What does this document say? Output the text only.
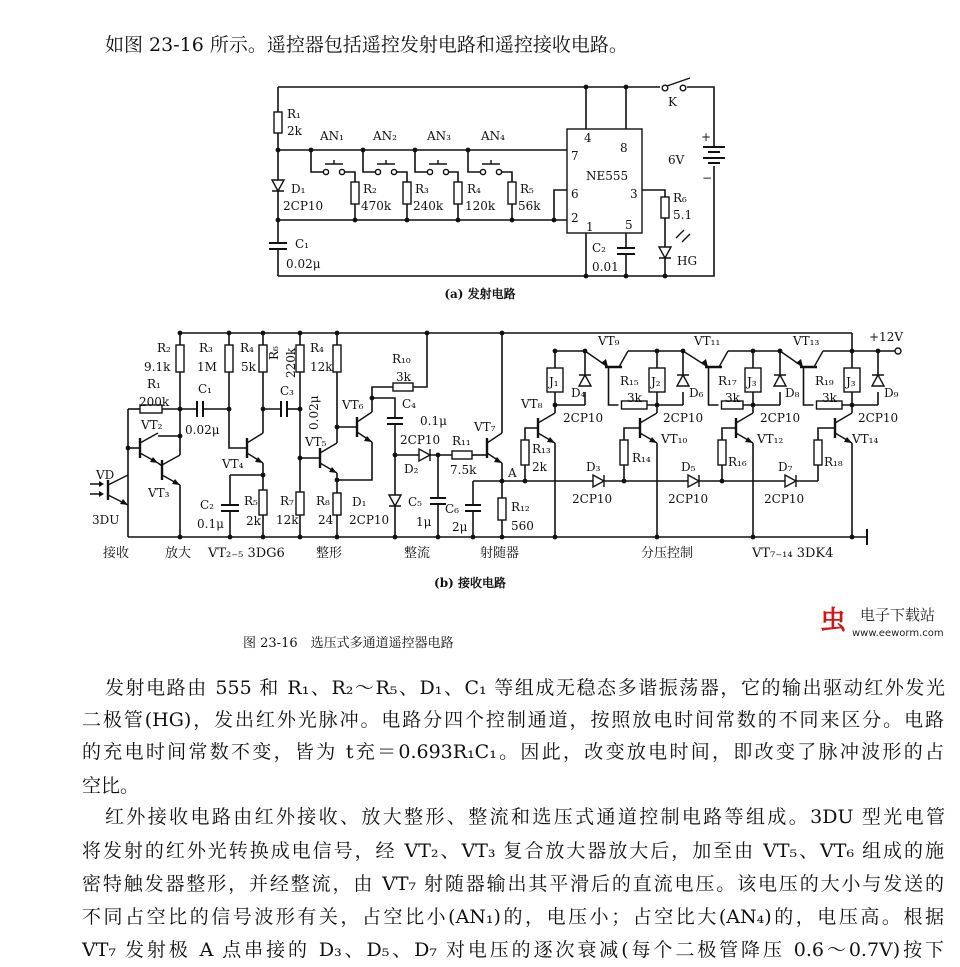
如图 23-16 所示。遥控器包括遥控发射电路和遥控接收电路。
R₁
2k AN₁ AN₂	AN₃	AN₄
D₁
2CP10
R₂
470k
R₃
240k
R₄
120k
R₅
56k
C₁
0.02μ
7
4
8
NE555
6	3
2
1	5
C₂
0.01
R₆
5.1
HG
K
6V
+
−
(a) 发射电路
R₂
9.1k
R₃
1M
R₄
5k
R₆ 220k R₄
12k
R₁₀
3k
R₁
200k
C₁
0.02μ
VT₂
VT₃
VD
3DU
VT₄
C₃
0.02μ VT₆
VT₅
C₄
0.1μ
2CP10
D₂
R₁₁
7.5k
VT₇
A
C₂
0.1μ
R₅
2k
R₇
12k
R₈
24
D₁
2CP10
C₅
1μ
C₆
2μ
R₁₂
560
VT₈
J₁
D₄
2CP10
VT₉
R₁₅
3k
J₂
D₆
2CP10
VT₁₀
R₁₃
2k
R₁₄
D₃
2CP10
D₅
2CP10
VT₁₁
R₁₇
3k
J₃
D₈
2CP10
VT₁₂
R₁₆	D₇
2CP10
VT₁₃
R₁₉
3k
J₃
D₉
2CP10
VT₁₄
R₁₈
+12V
接收	放大 VT₂₋₅ 3DG6 整形	整流	射随器	分压控制	VT₇₋₁₄ 3DK4
(b) 接收电路
图 23-16　选压式多通道遥控器电路
发射电路由 555 和 R₁、R₂～R₅、D₁、C₁ 等组成无稳态多谐振荡器，它的输出驱动红外发光
二极管(HG)，发出红外光脉冲。电路分四个控制通道，按照放电时间常数的不同来区分。电路
的充电时间常数不变，皆为 t充＝0.693R₁C₁。因此，改变放电时间，即改变了脉冲波形的占
空比。
红外接收电路由红外接收、放大整形、整流和选压式通道控制电路等组成。3DU 型光电管
将发射的红外光转换成电信号，经 VT₂、VT₃ 复合放大器放大后，加至由 VT₅、VT₆ 组成的施
密特触发器整形，并经整流，由 VT₇ 射随器输出其平滑后的直流电压。该电压的大小与发送的
不同占空比的信号波形有关，占空比小(AN₁)的，电压小；占空比大(AN₄)的，电压高。根据
VT₇ 发射极 A 点串接的 D₃、D₅、D₇ 对电压的逐次衰减(每个二极管降压 0.6～0.7V)按下
虫 电子下载站
www.eeworm.com
